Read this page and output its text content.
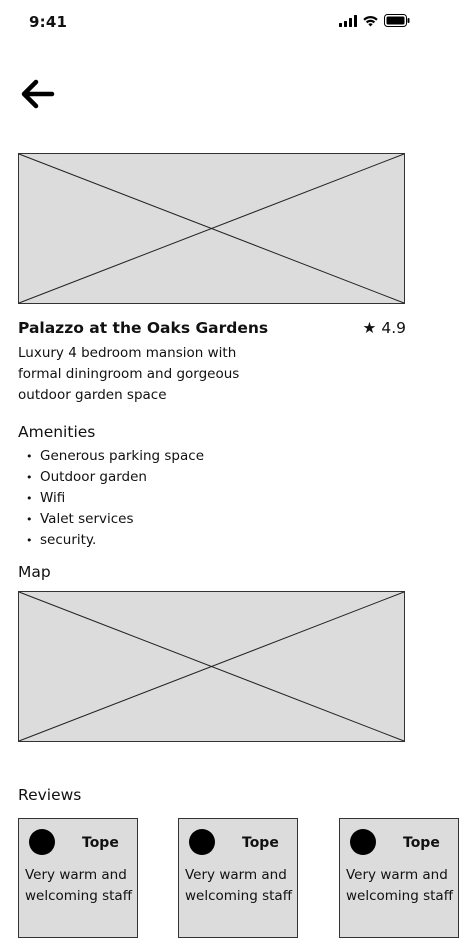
9:41
Palazzo at the Oaks Gardens	★ 4.9
Luxury 4 bedroom mansion with formal diningroom and gorgeous outdoor garden space
Amenities
• Generous parking space
• Outdoor garden
• Wifi
• Valet services
• security.
Map
Reviews
Tope
Very warm and welcoming staff
Tope
Very warm and welcoming staff
Tope
Very warm and welcoming staff
